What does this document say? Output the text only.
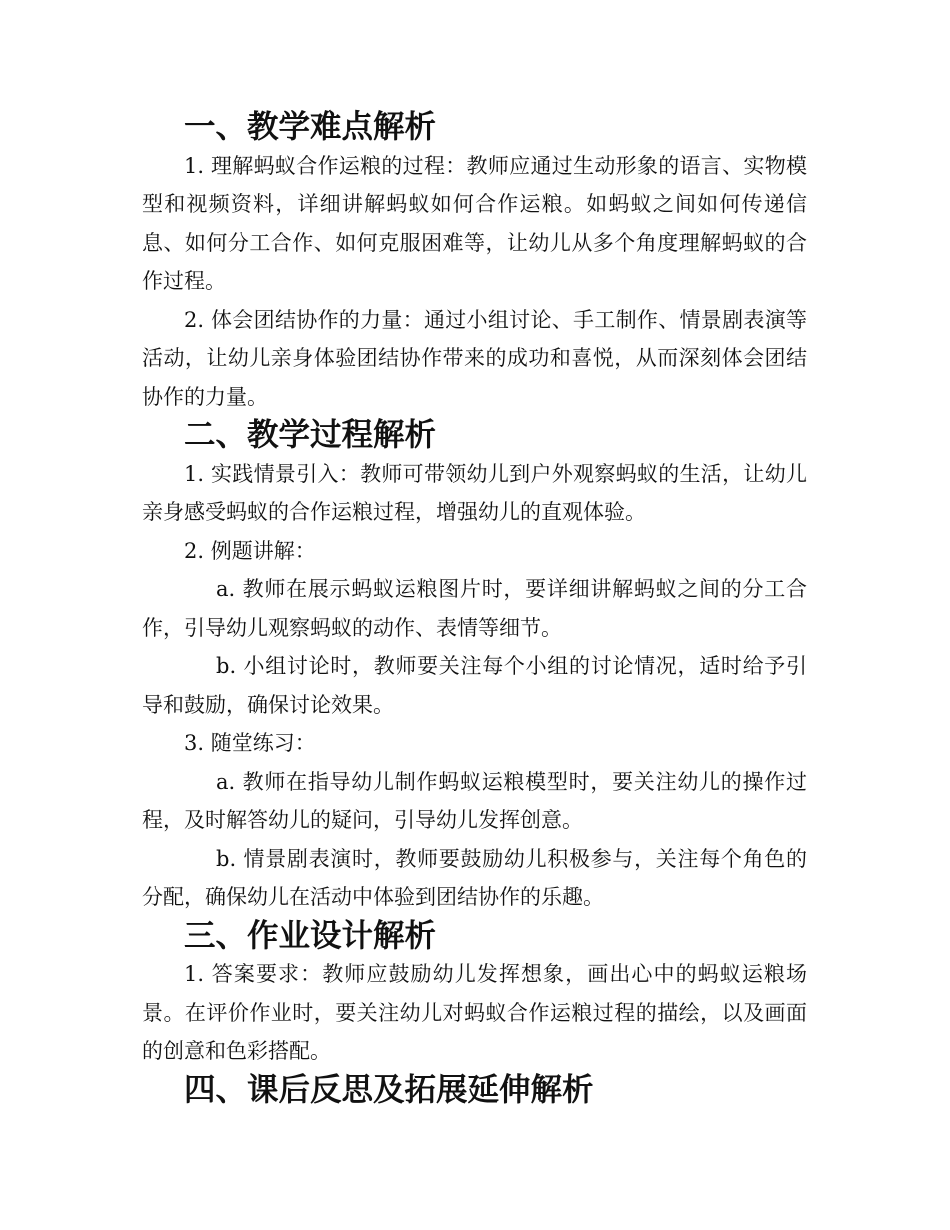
一、教学难点解析

1. 理解蚂蚁合作运粮的过程：教师应通过生动形象的语言、实物模型和视频资料，详细讲解蚂蚁如何合作运粮。如蚂蚁之间如何传递信息、如何分工合作、如何克服困难等，让幼儿从多个角度理解蚂蚁的合作过程。

2. 体会团结协作的力量：通过小组讨论、手工制作、情景剧表演等活动，让幼儿亲身体验团结协作带来的成功和喜悦，从而深刻体会团结协作的力量。

二、教学过程解析

1. 实践情景引入：教师可带领幼儿到户外观察蚂蚁的生活，让幼儿亲身感受蚂蚁的合作运粮过程，增强幼儿的直观体验。

2. 例题讲解：

a. 教师在展示蚂蚁运粮图片时，要详细讲解蚂蚁之间的分工合作，引导幼儿观察蚂蚁的动作、表情等细节。

b. 小组讨论时，教师要关注每个小组的讨论情况，适时给予引导和鼓励，确保讨论效果。

3. 随堂练习：

a. 教师在指导幼儿制作蚂蚁运粮模型时，要关注幼儿的操作过程，及时解答幼儿的疑问，引导幼儿发挥创意。

b. 情景剧表演时，教师要鼓励幼儿积极参与，关注每个角色的分配，确保幼儿在活动中体验到团结协作的乐趣。

三、作业设计解析

1. 答案要求：教师应鼓励幼儿发挥想象，画出心中的蚂蚁运粮场景。在评价作业时，要关注幼儿对蚂蚁合作运粮过程的描绘，以及画面的创意和色彩搭配。

四、课后反思及拓展延伸解析
